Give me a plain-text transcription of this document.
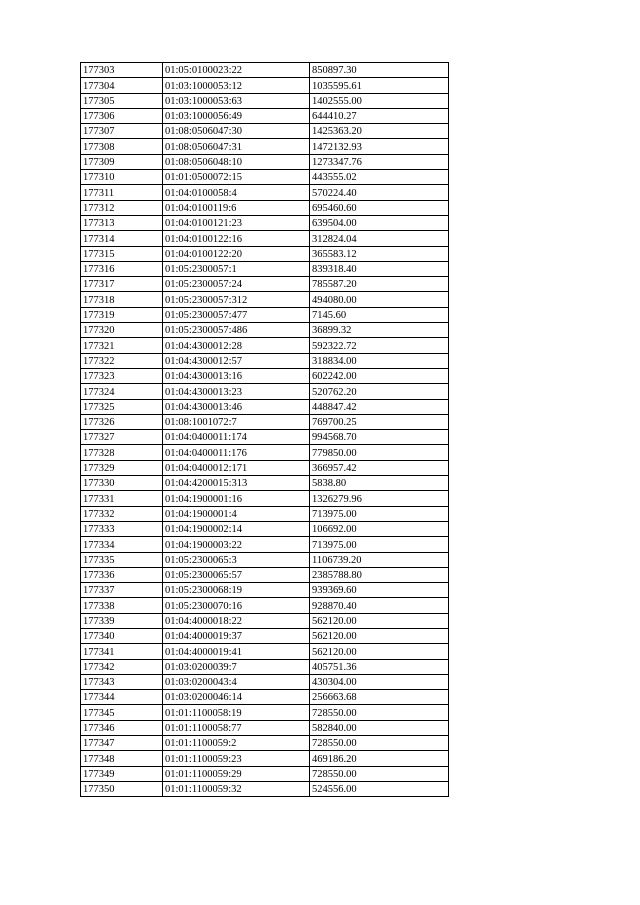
177303	01:05:0100023:22	850897.30
177304	01:03:1000053:12	1035595.61
177305	01:03:1000053:63	1402555.00
177306	01:03:1000056:49	644410.27
177307	01:08:0506047:30	1425363.20
177308	01:08:0506047:31	1472132.93
177309	01:08:0506048:10	1273347.76
177310	01:01:0500072:15	443555.02
177311	01:04:0100058:4	570224.40
177312	01:04:0100119:6	695460.60
177313	01:04:0100121:23	639504.00
177314	01:04:0100122:16	312824.04
177315	01:04:0100122:20	365583.12
177316	01:05:2300057:1	839318.40
177317	01:05:2300057:24	785587.20
177318	01:05:2300057:312	494080.00
177319	01:05:2300057:477	7145.60
177320	01:05:2300057:486	36899.32
177321	01:04:4300012:28	592322.72
177322	01:04:4300012:57	318834.00
177323	01:04:4300013:16	602242.00
177324	01:04:4300013:23	520762.20
177325	01:04:4300013:46	448847.42
177326	01:08:1001072:7	769700.25
177327	01:04:0400011:174	994568.70
177328	01:04:0400011:176	779850.00
177329	01:04:0400012:171	366957.42
177330	01:04:4200015:313	5838.80
177331	01:04:1900001:16	1326279.96
177332	01:04:1900001:4	713975.00
177333	01:04:1900002:14	106692.00
177334	01:04:1900003:22	713975.00
177335	01:05:2300065:3	1106739.20
177336	01:05:2300065:57	2385788.80
177337	01:05:2300068:19	939369.60
177338	01:05:2300070:16	928870.40
177339	01:04:4000018:22	562120.00
177340	01:04:4000019:37	562120.00
177341	01:04:4000019:41	562120.00
177342	01:03:0200039:7	405751.36
177343	01:03:0200043:4	430304.00
177344	01:03:0200046:14	256663.68
177345	01:01:1100058:19	728550.00
177346	01:01:1100058:77	582840.00
177347	01:01:1100059:2	728550.00
177348	01:01:1100059:23	469186.20
177349	01:01:1100059:29	728550.00
177350	01:01:1100059:32	524556.00
